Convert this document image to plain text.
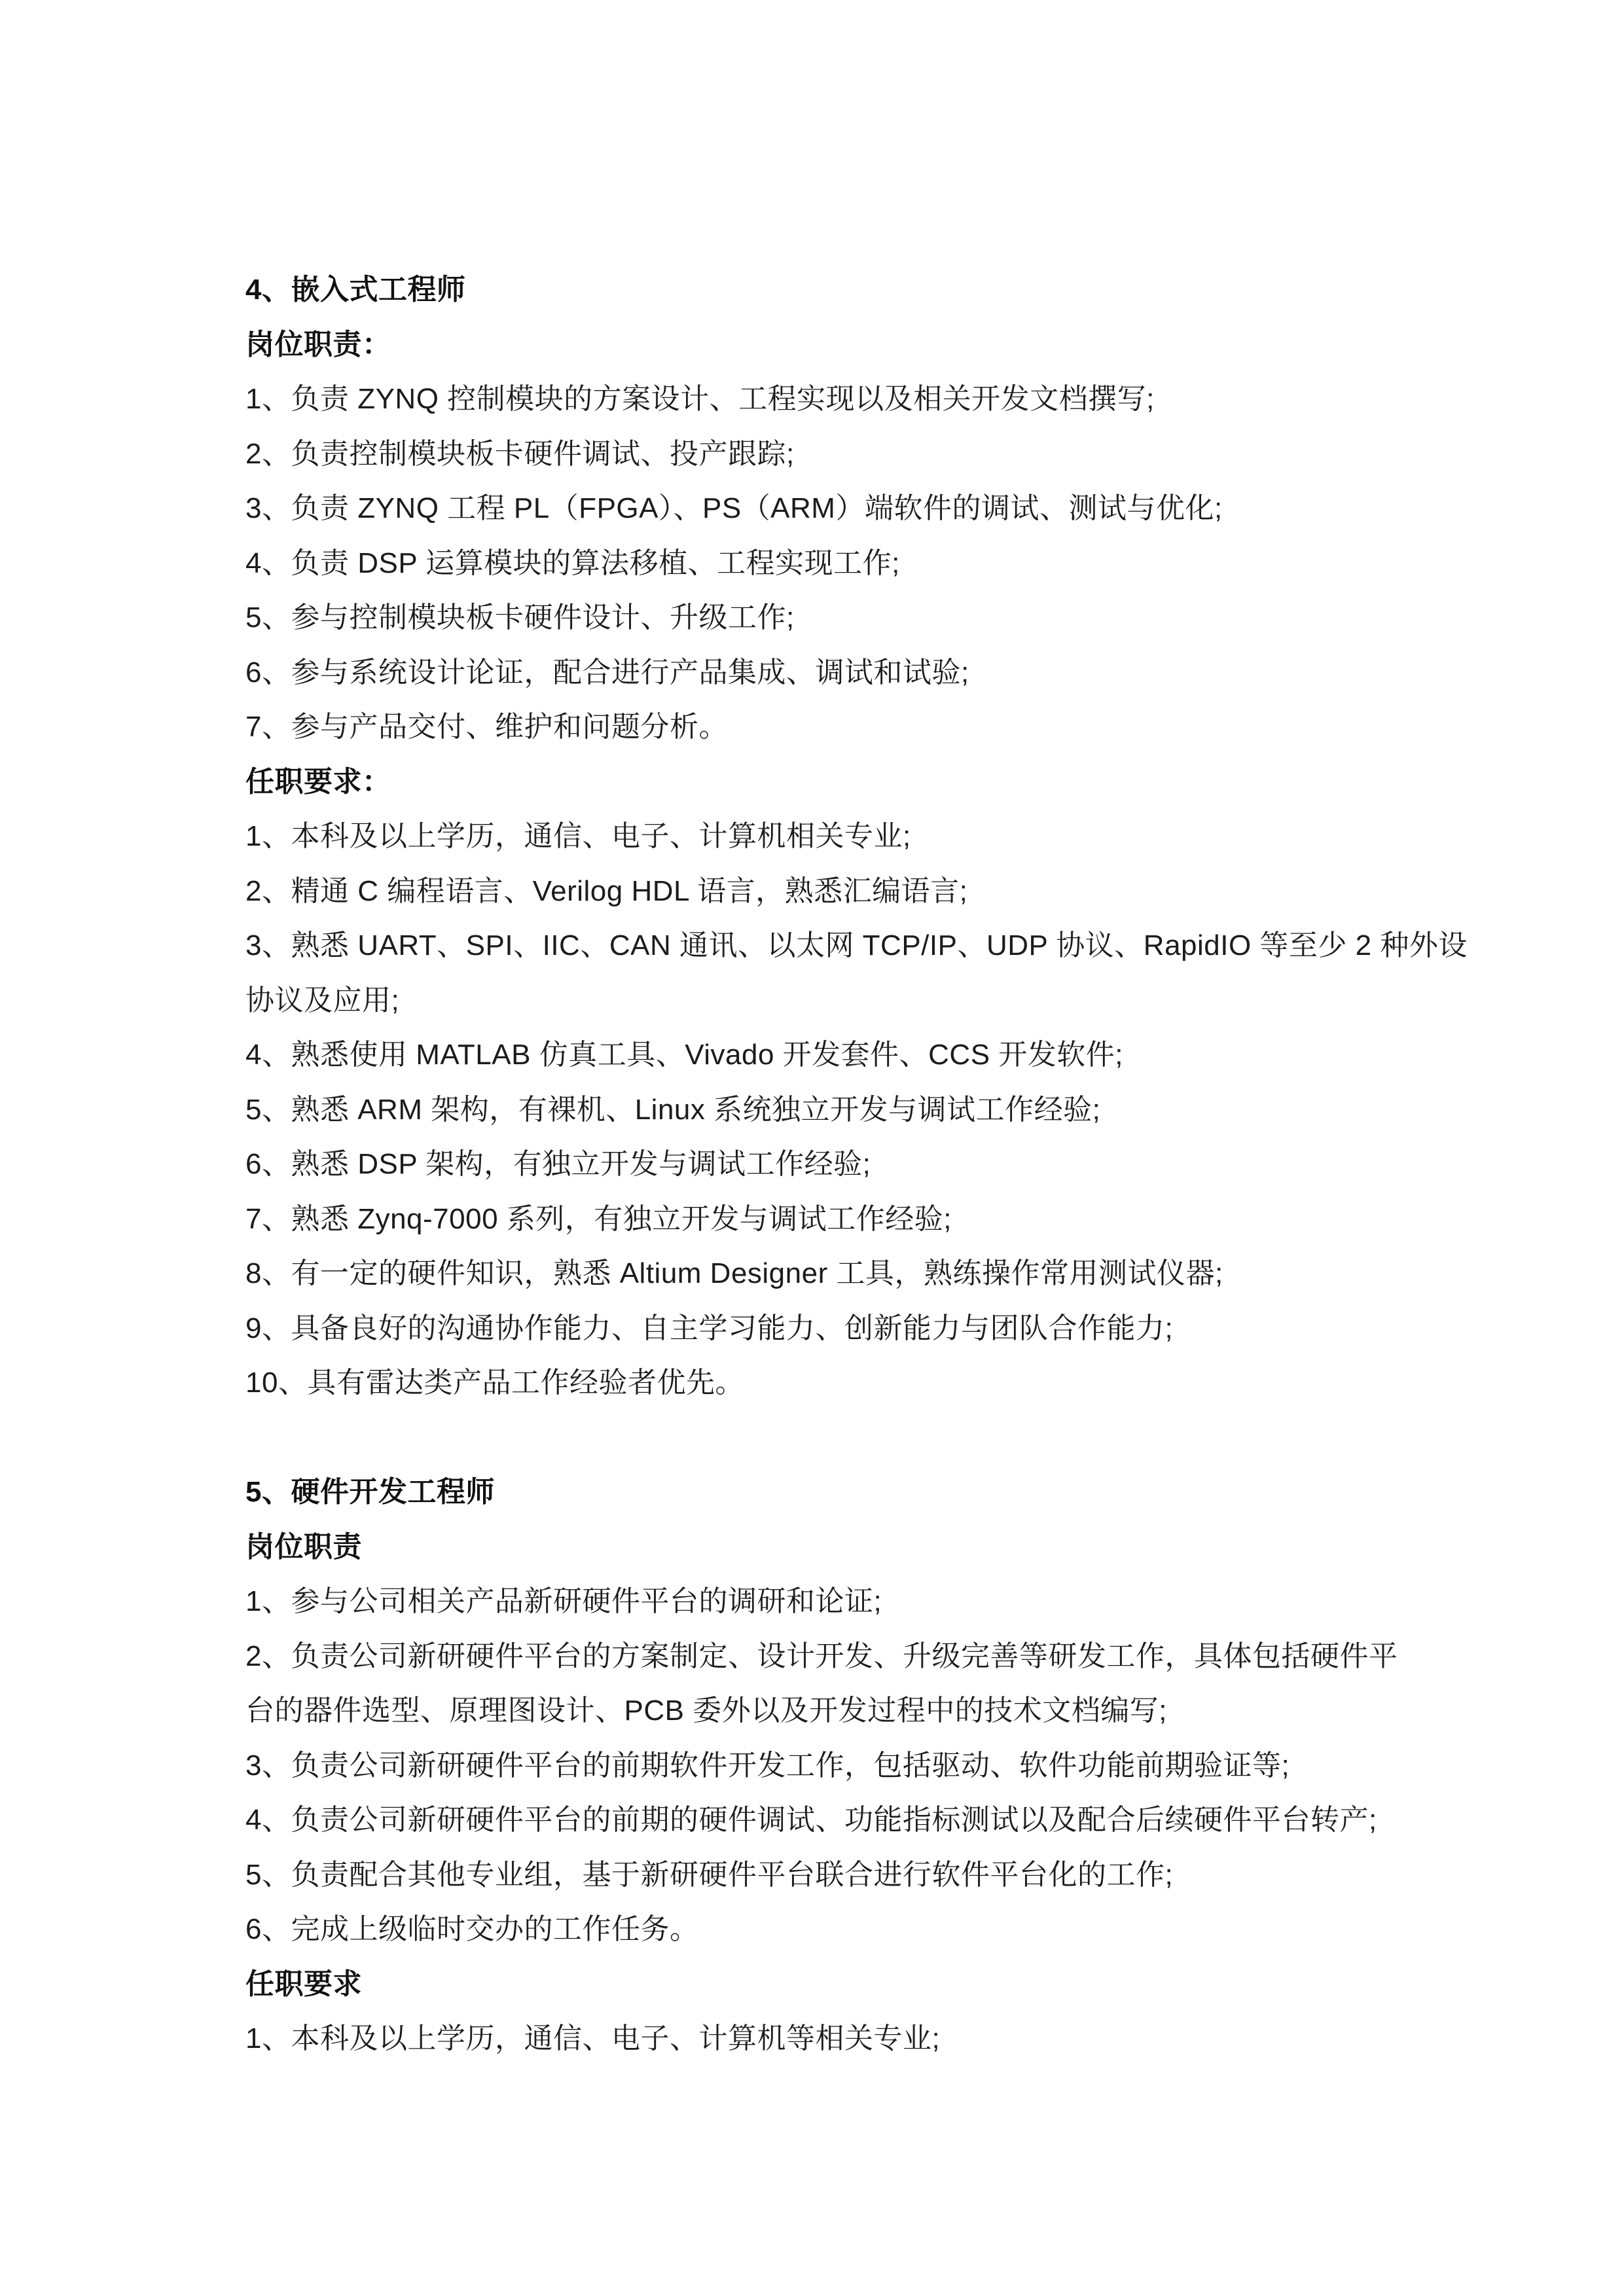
4、嵌入式工程师
岗位职责：
1、负责 ZYNQ 控制模块的方案设计、工程实现以及相关开发文档撰写;
2、负责控制模块板卡硬件调试、投产跟踪;
3、负责 ZYNQ 工程 PL（FPGA）、PS（ARM）端软件的调试、测试与优化;
4、负责 DSP 运算模块的算法移植、工程实现工作;
5、参与控制模块板卡硬件设计、升级工作;
6、参与系统设计论证，配合进行产品集成、调试和试验;
7、参与产品交付、维护和问题分析。
任职要求：
1、本科及以上学历，通信、电子、计算机相关专业;
2、精通 C 编程语言、Verilog HDL 语言，熟悉汇编语言;
3、熟悉 UART、SPI、IIC、CAN 通讯、以太网 TCP/IP、UDP 协议、RapidIO 等至少 2 种外设
协议及应用;
4、熟悉使用 MATLAB 仿真工具、Vivado 开发套件、CCS 开发软件;
5、熟悉 ARM 架构，有裸机、Linux 系统独立开发与调试工作经验;
6、熟悉 DSP 架构，有独立开发与调试工作经验;
7、熟悉 Zynq-7000 系列，有独立开发与调试工作经验;
8、有一定的硬件知识，熟悉 Altium Designer 工具，熟练操作常用测试仪器;
9、具备良好的沟通协作能力、自主学习能力、创新能力与团队合作能力;
10、具有雷达类产品工作经验者优先。
5、硬件开发工程师
岗位职责
1、参与公司相关产品新研硬件平台的调研和论证;
2、负责公司新研硬件平台的方案制定、设计开发、升级完善等研发工作，具体包括硬件平
台的器件选型、原理图设计、PCB 委外以及开发过程中的技术文档编写;
3、负责公司新研硬件平台的前期软件开发工作，包括驱动、软件功能前期验证等;
4、负责公司新研硬件平台的前期的硬件调试、功能指标测试以及配合后续硬件平台转产;
5、负责配合其他专业组，基于新研硬件平台联合进行软件平台化的工作;
6、完成上级临时交办的工作任务。
任职要求
1、本科及以上学历，通信、电子、计算机等相关专业;
